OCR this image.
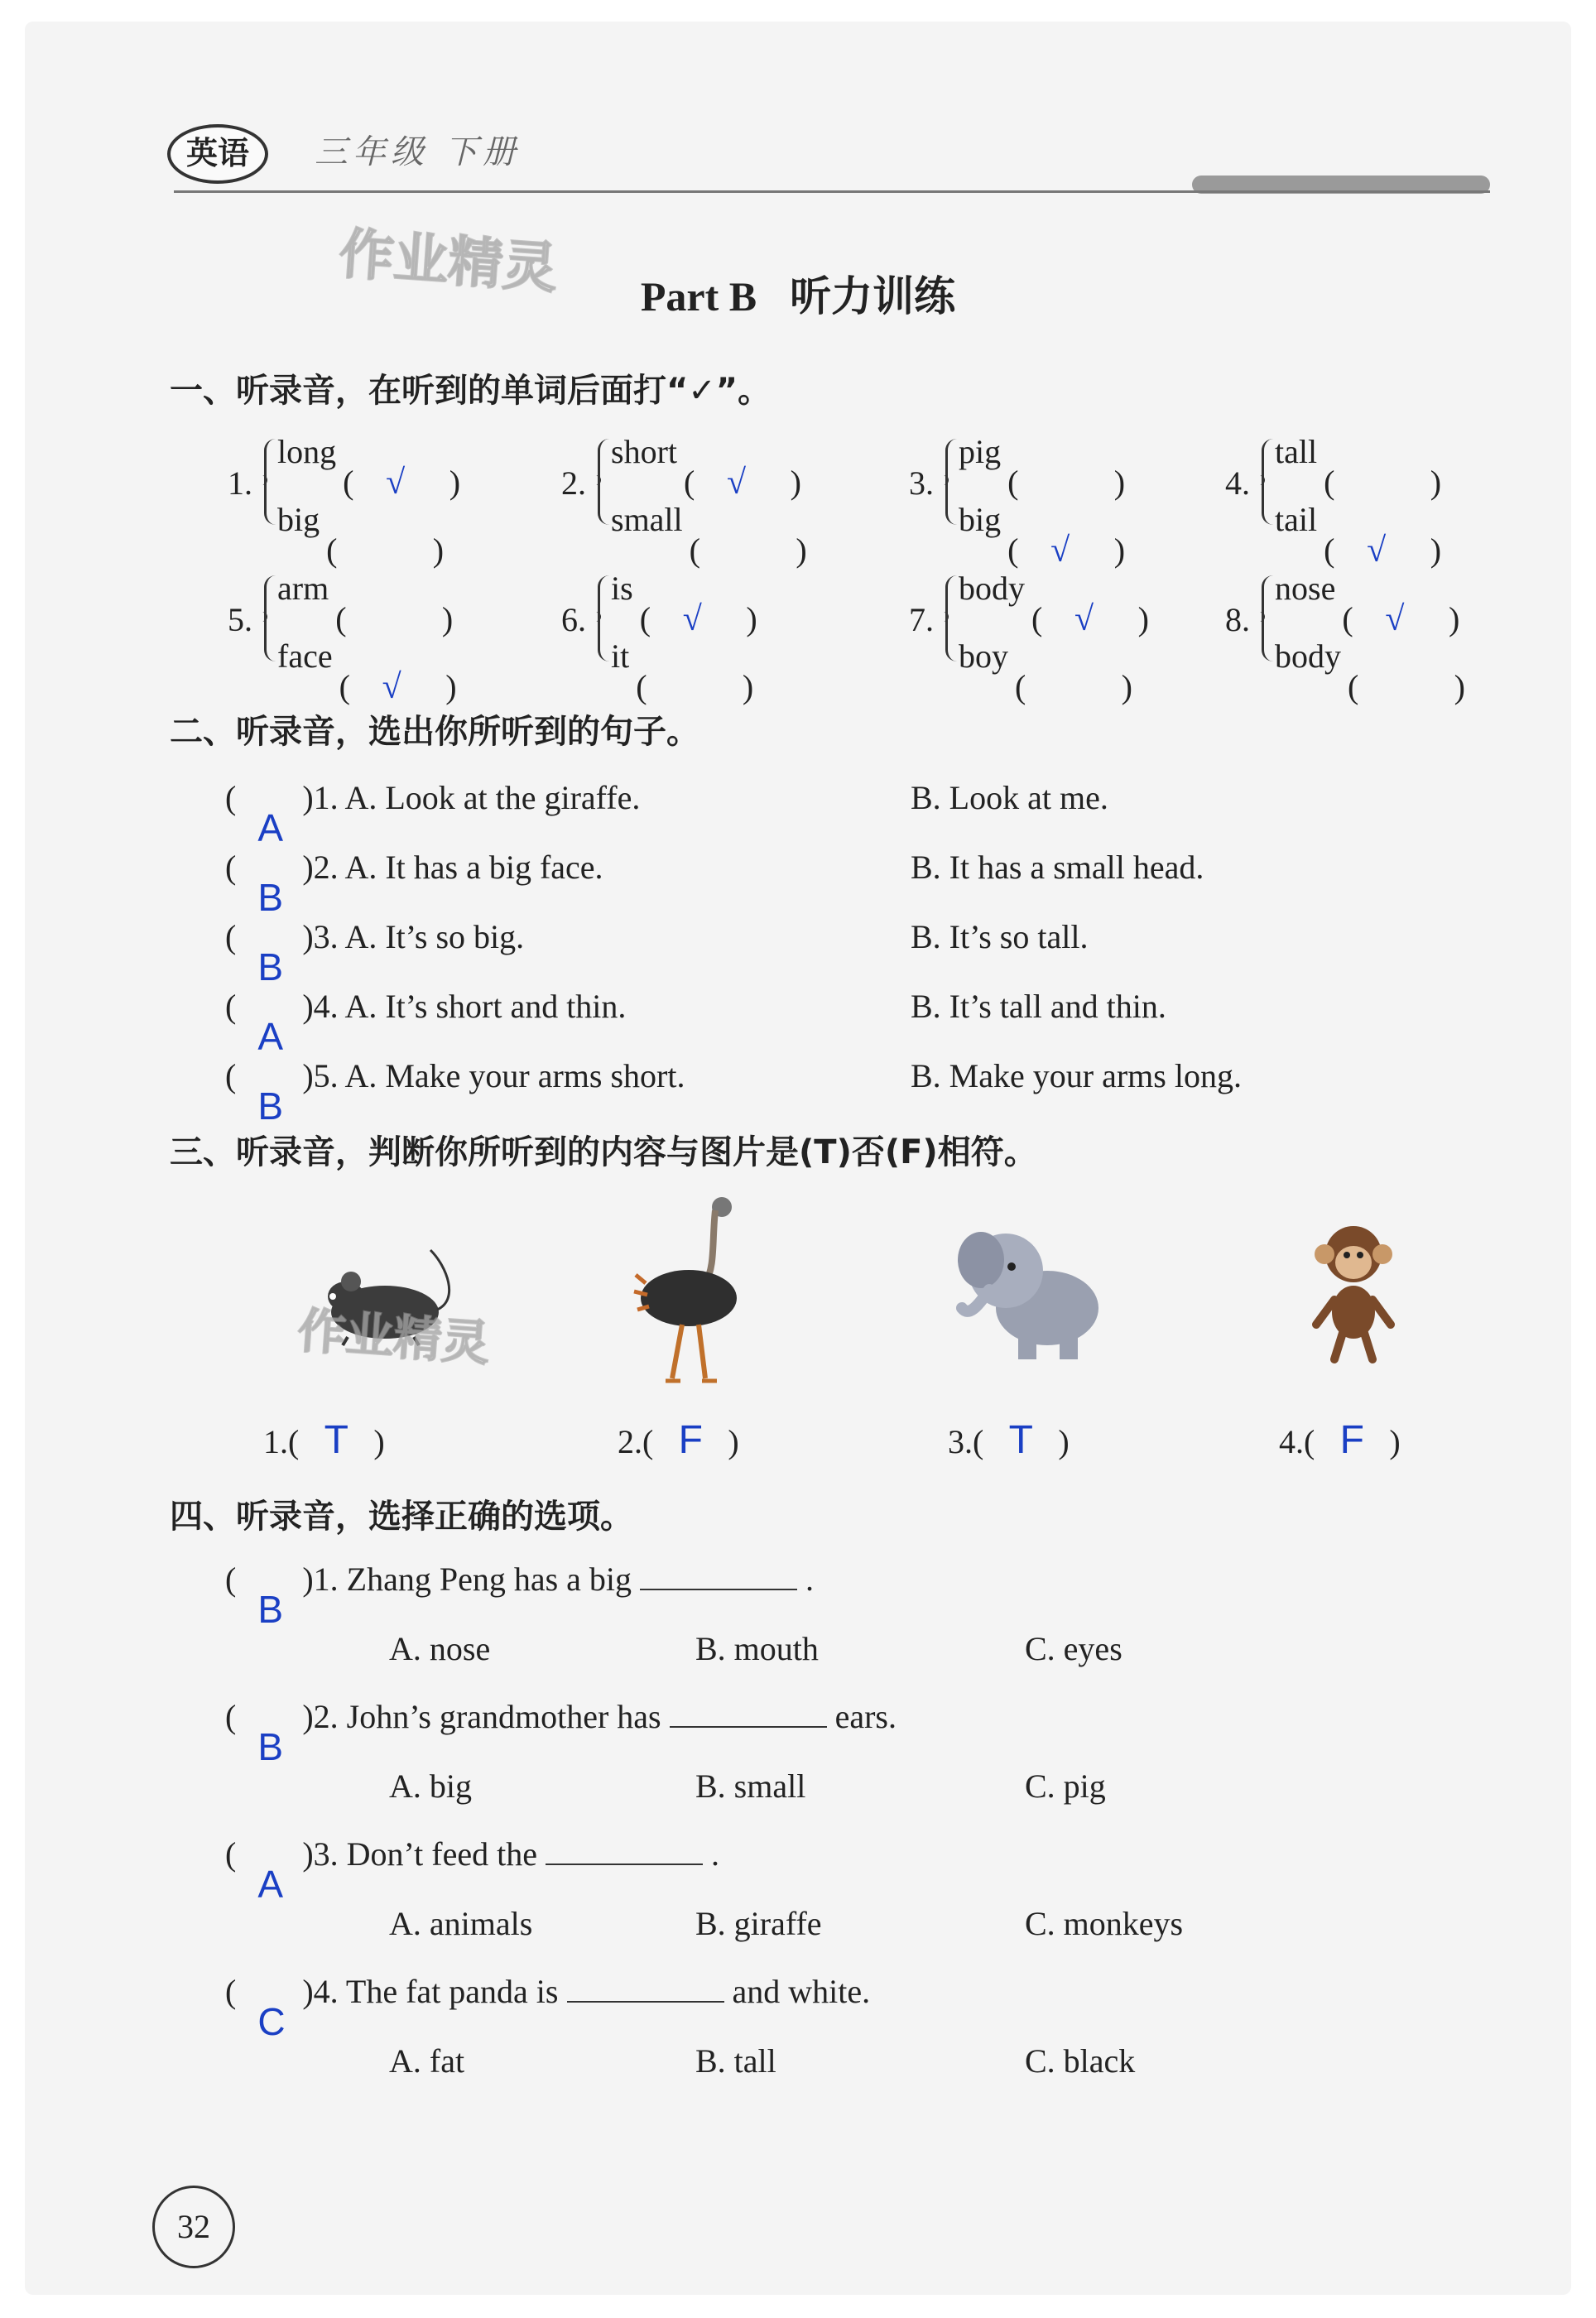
英语	三年级 下册
作业精灵	Part B 听力训练
一、听录音，在听到的单词后面打“✓”。
1.
long
( √ )
big
(	)
2.
short
( √ )
small
(	)
3.
pig
(	)
big
( √ )
4.
tall
(	)
tail
( √ )
5.
arm
(	)
face
( √ )
6.
is
( √ )
it
(	)
7.
body
( √ )
boy
(	)
8.
nose
( √ )
body
(	)
二、听录音，选出你所听到的句子。
(
A
)1. A. Look at the giraffe.	B. Look at me.
(
B
)2. A. It has a big face.	B. It has a small head.
(
B
)3. A. It’s so big.	B. It’s so tall.
(
A
)4. A. It’s short and thin.	B. It’s tall and thin.
(
B
)5. A. Make your arms short.	B. Make your arms long.
三、听录音，判断你所听到的内容与图片是(T)否(F)相符。
作业精灵
1.( T )	2.( F )	3.( T )	4.( F )
四、听录音，选择正确的选项。
(
B
)1. Zhang Peng has a big	.
A. nose	B. mouth	C. eyes
(
B
)2. John’s grandmother has	ears.
A. big	B. small	C. pig
(
A
)3. Don’t feed the	.
A. animals	B. giraffe	C. monkeys
(
C
)4. The fat panda is	and white.
A. fat	B. tall	C. black
32
